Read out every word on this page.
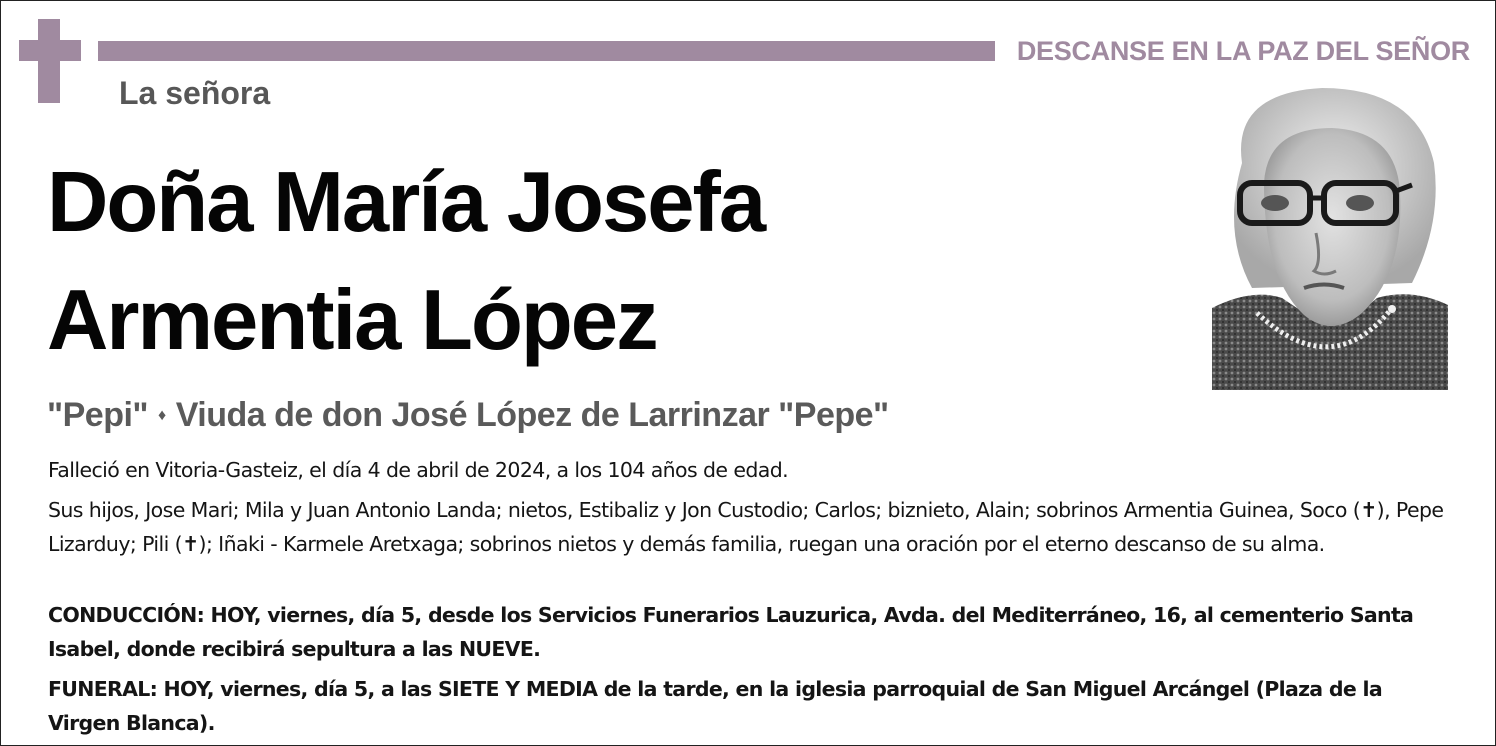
DESCANSE EN LA PAZ DEL SEÑOR
La señora
Doña María Josefa
Armentia López
"Pepi" ♦ Viuda de don José López de Larrinzar "Pepe"
Falleció en Vitoria-Gasteiz, el día 4 de abril de 2024, a los 104 años de edad.
Sus hijos, Jose Mari; Mila y Juan Antonio Landa; nietos, Estibaliz y Jon Custodio; Carlos; biznieto, Alain; sobrinos Armentia Guinea, Soco (✝), Pepe Lizarduy; Pili (✝); Iñaki - Karmele Aretxaga; sobrinos nietos y demás familia, ruegan una oración por el eterno descanso de su alma.
CONDUCCIÓN: HOY, viernes, día 5, desde los Servicios Funerarios Lauzurica, Avda. del Mediterráneo, 16, al cementerio Santa Isabel, donde recibirá sepultura a las NUEVE.
FUNERAL: HOY, viernes, día 5, a las SIETE Y MEDIA de la tarde, en la iglesia parroquial de San Miguel Arcángel (Plaza de la Virgen Blanca).
